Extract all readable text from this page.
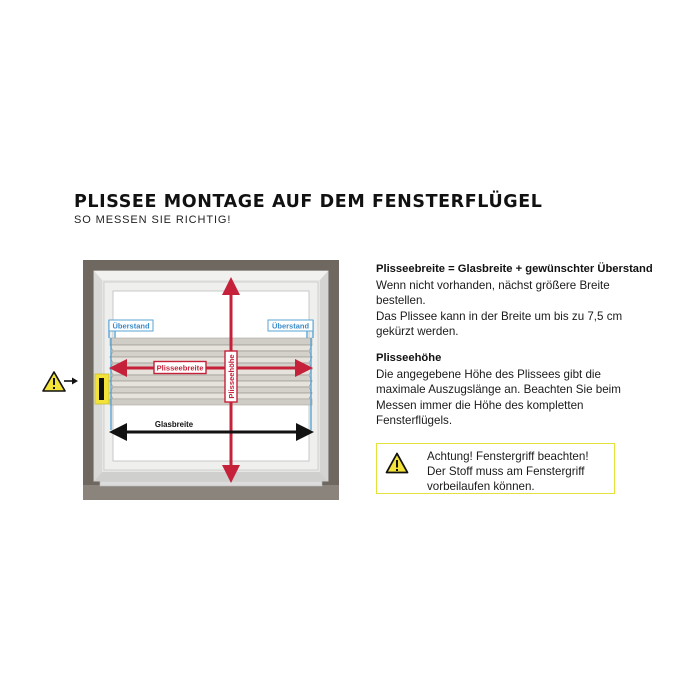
PLISSEE MONTAGE AUF DEM FENSTERFLÜGEL
SO MESSEN SIE RICHTIG!
Überstand	Überstand
Plisseebreite	Plisseehöhe
Glasbreite
Plisseebreite = Glasbreite + gewünschter Überstand

Wenn nicht vorhanden, nächst größere Breite

bestellen.

Das Plissee kann in der Breite um bis zu 7,5 cm

gekürzt werden.

Plisseehöhe

Die angegebene Höhe des Plissees gibt die

maximale Auszugslänge an. Beachten Sie beim

Messen immer die Höhe des kompletten

Fensterflügels.

Achtung! Fenstergriff beachten!

Der Stoff muss am Fenstergriff

vorbeilaufen können.
